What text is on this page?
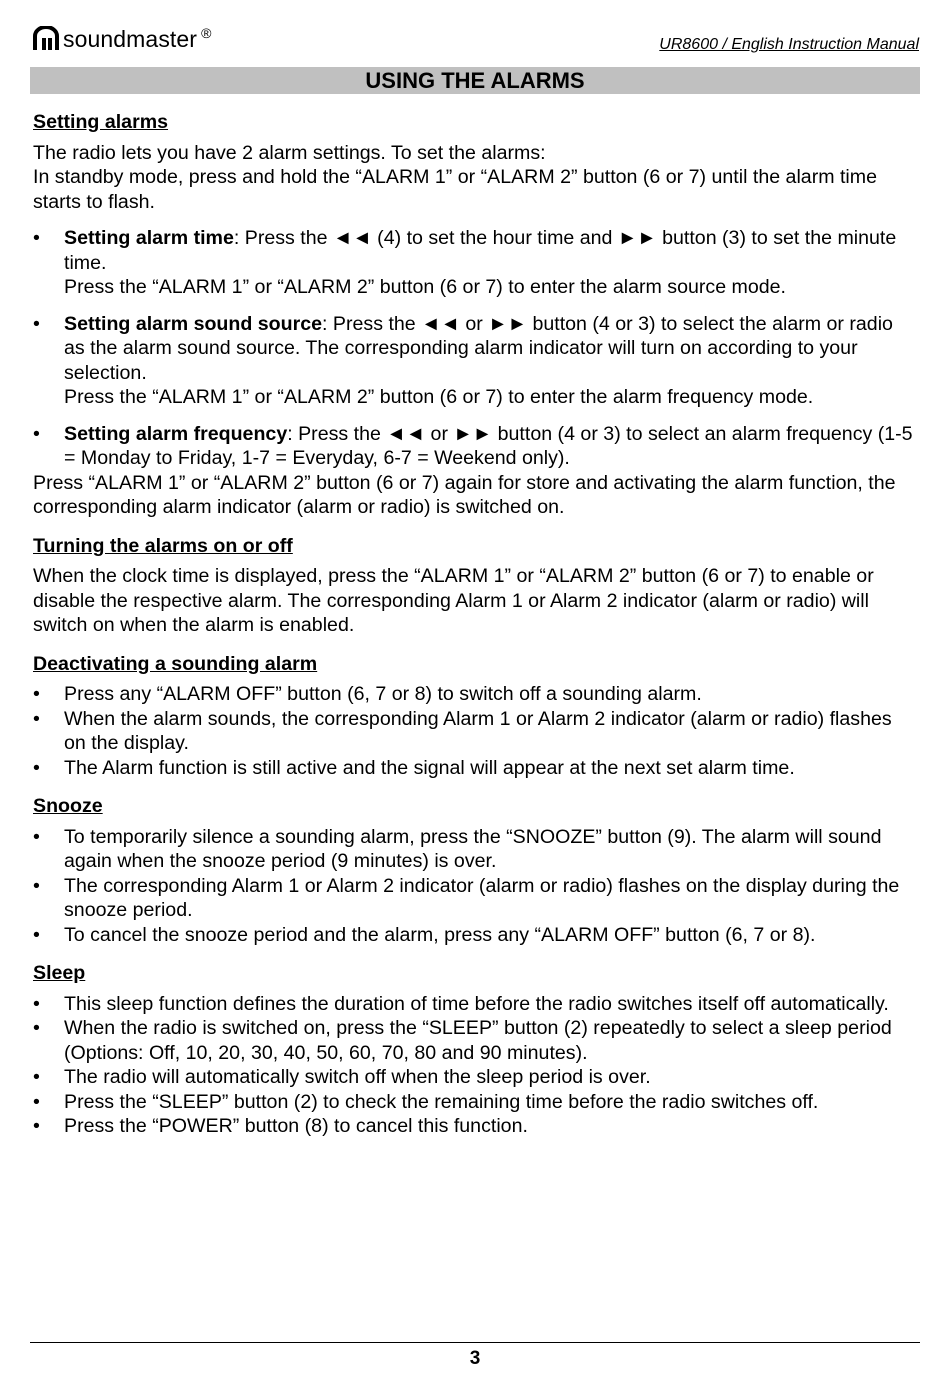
soundmaster ®
UR8600 / English Instruction Manual
USING THE ALARMS
Setting alarms

The radio lets you have 2 alarm settings. To set the alarms:

In standby mode, press and hold the “ALARM 1” or “ALARM 2” button (6 or 7) until the alarm time starts to flash.

• Setting alarm time: Press the ◄◄ (4) to set the hour time and ►► button (3) to set the minute time.
Press the “ALARM 1” or “ALARM 2” button (6 or 7) to enter the alarm source mode.
• Setting alarm sound source: Press the ◄◄ or ►► button (4 or 3) to select the alarm or radio as the alarm sound source. The corresponding alarm indicator will turn on according to your selection.
Press the “ALARM 1” or “ALARM 2” button (6 or 7) to enter the alarm frequency mode.
• Setting alarm frequency: Press the ◄◄ or ►► button (4 or 3) to select an alarm frequency (1-5 = Monday to Friday, 1-7 = Everyday, 6-7 = Weekend only).

Press “ALARM 1” or “ALARM 2” button (6 or 7) again for store and activating the alarm function, the corresponding alarm indicator (alarm or radio) is switched on.

Turning the alarms on or off

When the clock time is displayed, press the “ALARM 1” or “ALARM 2” button (6 or 7) to enable or disable the respective alarm. The corresponding Alarm 1 or Alarm 2 indicator (alarm or radio) will switch on when the alarm is enabled.

Deactivating a sounding alarm
• Press any “ALARM OFF” button (6, 7 or 8) to switch off a sounding alarm.
• When the alarm sounds, the corresponding Alarm 1 or Alarm 2 indicator (alarm or radio) flashes on the display.
• The Alarm function is still active and the signal will appear at the next set alarm time.
Snooze
• To temporarily silence a sounding alarm, press the “SNOOZE” button (9). The alarm will sound again when the snooze period (9 minutes) is over.
• The corresponding Alarm 1 or Alarm 2 indicator (alarm or radio) flashes on the display during the snooze period.
• To cancel the snooze period and the alarm, press any “ALARM OFF” button (6, 7 or 8).
Sleep
• This sleep function defines the duration of time before the radio switches itself off automatically.
• When the radio is switched on, press the “SLEEP” button (2) repeatedly to select a sleep period (Options: Off, 10, 20, 30, 40, 50, 60, 70, 80 and 90 minutes).
• The radio will automatically switch off when the sleep period is over.
• Press the “SLEEP” button (2) to check the remaining time before the radio switches off.
• Press the “POWER” button (8) to cancel this function.
3
